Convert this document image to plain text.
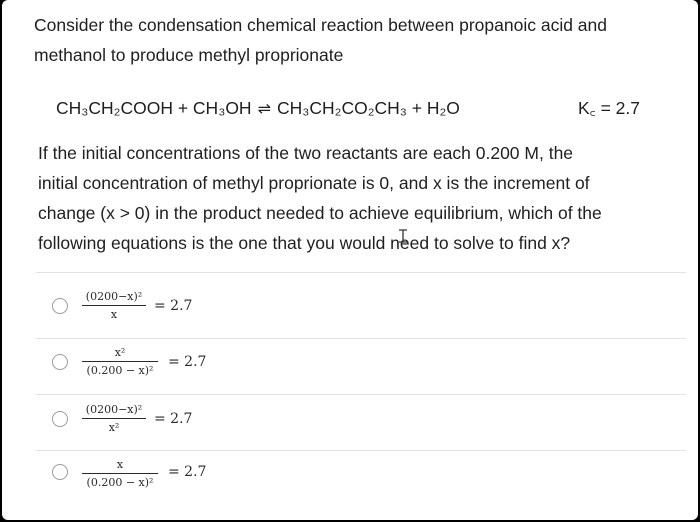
Consider the condensation chemical reaction between propanoic acid and
methanol to produce methyl proprionate
CH₃CH₂COOH + CH₃OH ⇌ CH₃CH₂CO₂CH₃ + H₂O	K꜀ = 2.7
If the initial concentrations of the two reactants are each 0.200 M, the
initial concentration of methyl proprionate is 0, and x is the increment of
change (x > 0) in the product needed to achieve equilibrium, which of the
following equations is the one that you would need to solve to find x?
(0200−x)²
x
= 2.7
x²
(0.200 − x)²
= 2.7
(0200−x)²
x²
= 2.7
x
(0.200 − x)²
= 2.7
